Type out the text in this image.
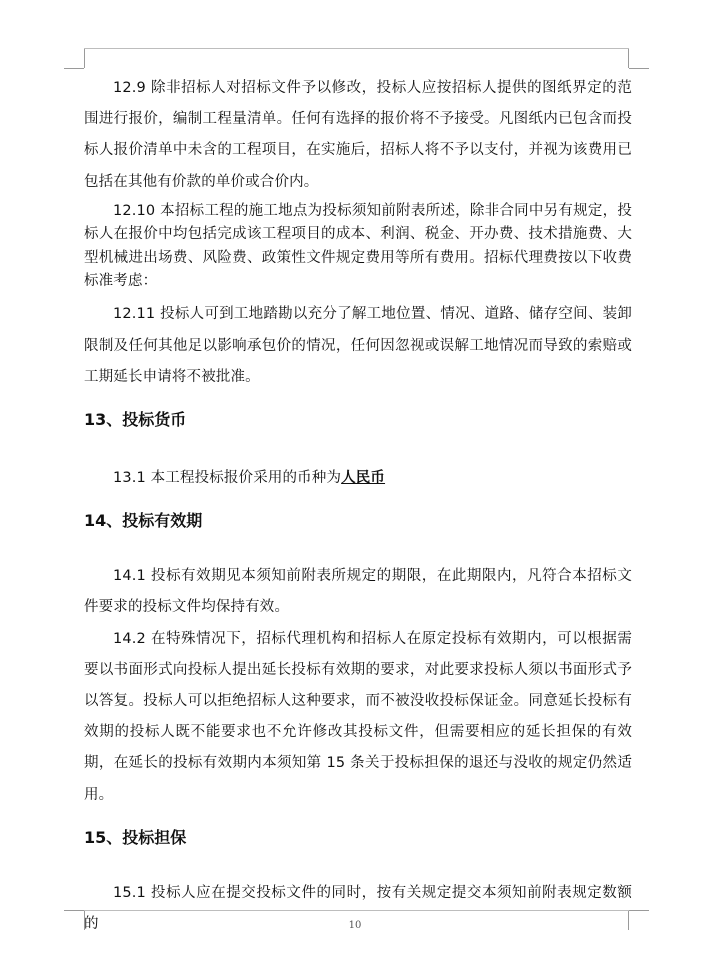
12.9 除非招标人对招标文件予以修改，投标人应按招标人提供的图纸界定的范围进行报价，编制工程量清单。任何有选择的报价将不予接受。凡图纸内已包含而投标人报价清单中未含的工程项目，在实施后，招标人将不予以支付，并视为该费用已包括在其他有价款的单价或合价内。

12.10 本招标工程的施工地点为投标须知前附表所述，除非合同中另有规定，投标人在报价中均包括完成该工程项目的成本、利润、税金、开办费、技术措施费、大型机械进出场费、风险费、政策性文件规定费用等所有费用。招标代理费按以下收费标准考虑：

12.11 投标人可到工地踏勘以充分了解工地位置、情况、道路、储存空间、装卸限制及任何其他足以影响承包价的情况，任何因忽视或误解工地情况而导致的索赔或工期延长申请将不被批准。

13、投标货币

13.1 本工程投标报价采用的币种为人民币

14、投标有效期

14.1 投标有效期见本须知前附表所规定的期限，在此期限内，凡符合本招标文件要求的投标文件均保持有效。

14.2 在特殊情况下，招标代理机构和招标人在原定投标有效期内，可以根据需要以书面形式向投标人提出延长投标有效期的要求，对此要求投标人须以书面形式予以答复。投标人可以拒绝招标人这种要求，而不被没收投标保证金。同意延长投标有效期的投标人既不能要求也不允许修改其投标文件，但需要相应的延长担保的有效期，在延长的投标有效期内本须知第 15 条关于投标担保的退还与没收的规定仍然适用。

15、投标担保

15.1 投标人应在提交投标文件的同时，按有关规定提交本须知前附表规定数额的	10
